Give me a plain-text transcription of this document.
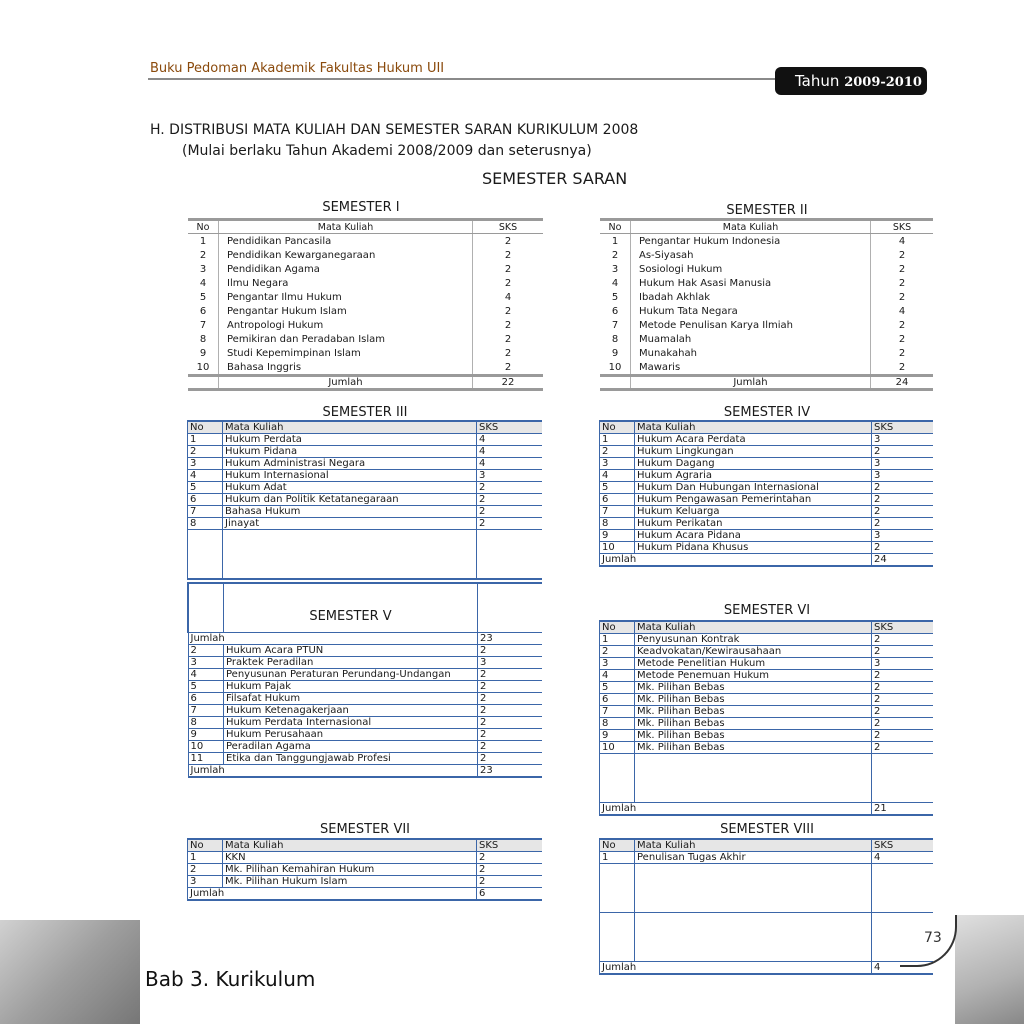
Buku Pedoman Akademik Fakultas Hukum UII
Tahun 2009-2010
H. DISTRIBUSI MATA KULIAH DAN SEMESTER SARAN KURIKULUM 2008
(Mulai berlaku Tahun Akademi 2008/2009 dan seterusnya)
SEMESTER SARAN
SEMESTER I
No	Mata Kuliah	SKS
1	Pendidikan Pancasila	2
2	Pendidikan Kewarganegaraan	2
3	Pendidikan Agama	2
4	Ilmu Negara	2
5	Pengantar Ilmu Hukum	4
6	Pengantar Hukum Islam	2
7	Antropologi Hukum	2
8	Pemikiran dan Peradaban Islam	2
9	Studi Kepemimpinan Islam	2
10	Bahasa Inggris	2
	Jumlah	22
SEMESTER II
No	Mata Kuliah	SKS
1	Pengantar Hukum Indonesia	4
2	As-Siyasah	2
3	Sosiologi Hukum	2
4	Hukum Hak Asasi Manusia	2
5	Ibadah Akhlak	2
6	Hukum Tata Negara	4
7	Metode Penulisan Karya Ilmiah	2
8	Muamalah	2
9	Munakahah	2
10	Mawaris	2
	Jumlah	24
SEMESTER III
No	Mata Kuliah	SKS
1	Hukum Perdata	4
2	Hukum Pidana	4
3	Hukum Administrasi Negara	4
4	Hukum Internasional	3
5	Hukum Adat	2
6	Hukum dan Politik Ketatanegaraan	2
7	Bahasa Hukum	2
8	Jinayat	2

SEMESTER IV
No	Mata Kuliah	SKS
1	Hukum Acara Perdata	3
2	Hukum Lingkungan	2
3	Hukum Dagang	3
4	Hukum Agraria	3
5	Hukum Dan Hubungan Internasional	2
6	Hukum Pengawasan Pemerintahan	2
7	Hukum Keluarga	2
8	Hukum Perikatan	2
9	Hukum Acara Pidana	3
10	Hukum Pidana Khusus	2
Jumlah		24
	SEMESTER V	
Jumlah		23
2	Hukum Acara PTUN	2
3	Praktek Peradilan	3
4	Penyusunan Peraturan Perundang-Undangan	2
5	Hukum Pajak	2
6	Filsafat Hukum	2
7	Hukum Ketenagakerjaan	2
8	Hukum Perdata Internasional	2
9	Hukum Perusahaan	2
10	Peradilan Agama	2
11	Etika dan Tanggungjawab Profesi	2
Jumlah		23
SEMESTER VI
No	Mata Kuliah	SKS
1	Penyusunan Kontrak	2
2	Keadvokatan/Kewirausahaan	2
3	Metode Penelitian Hukum	3
4	Metode Penemuan Hukum	2
5	Mk. Pilihan Bebas	2
6	Mk. Pilihan Bebas	2
7	Mk. Pilihan Bebas	2
8	Mk. Pilihan Bebas	2
9	Mk. Pilihan Bebas	2
10	Mk. Pilihan Bebas	2

Jumlah		21
SEMESTER VII
No	Mata Kuliah	SKS
1	KKN	2
2	Mk. Pilihan Kemahiran Hukum	2
3	Mk. Pilihan Hukum Islam	2
Jumlah		6
SEMESTER VIII
No	Mata Kuliah	SKS
1	Penulisan Tugas Akhir	4

Jumlah		4
73
Bab 3. Kurikulum
